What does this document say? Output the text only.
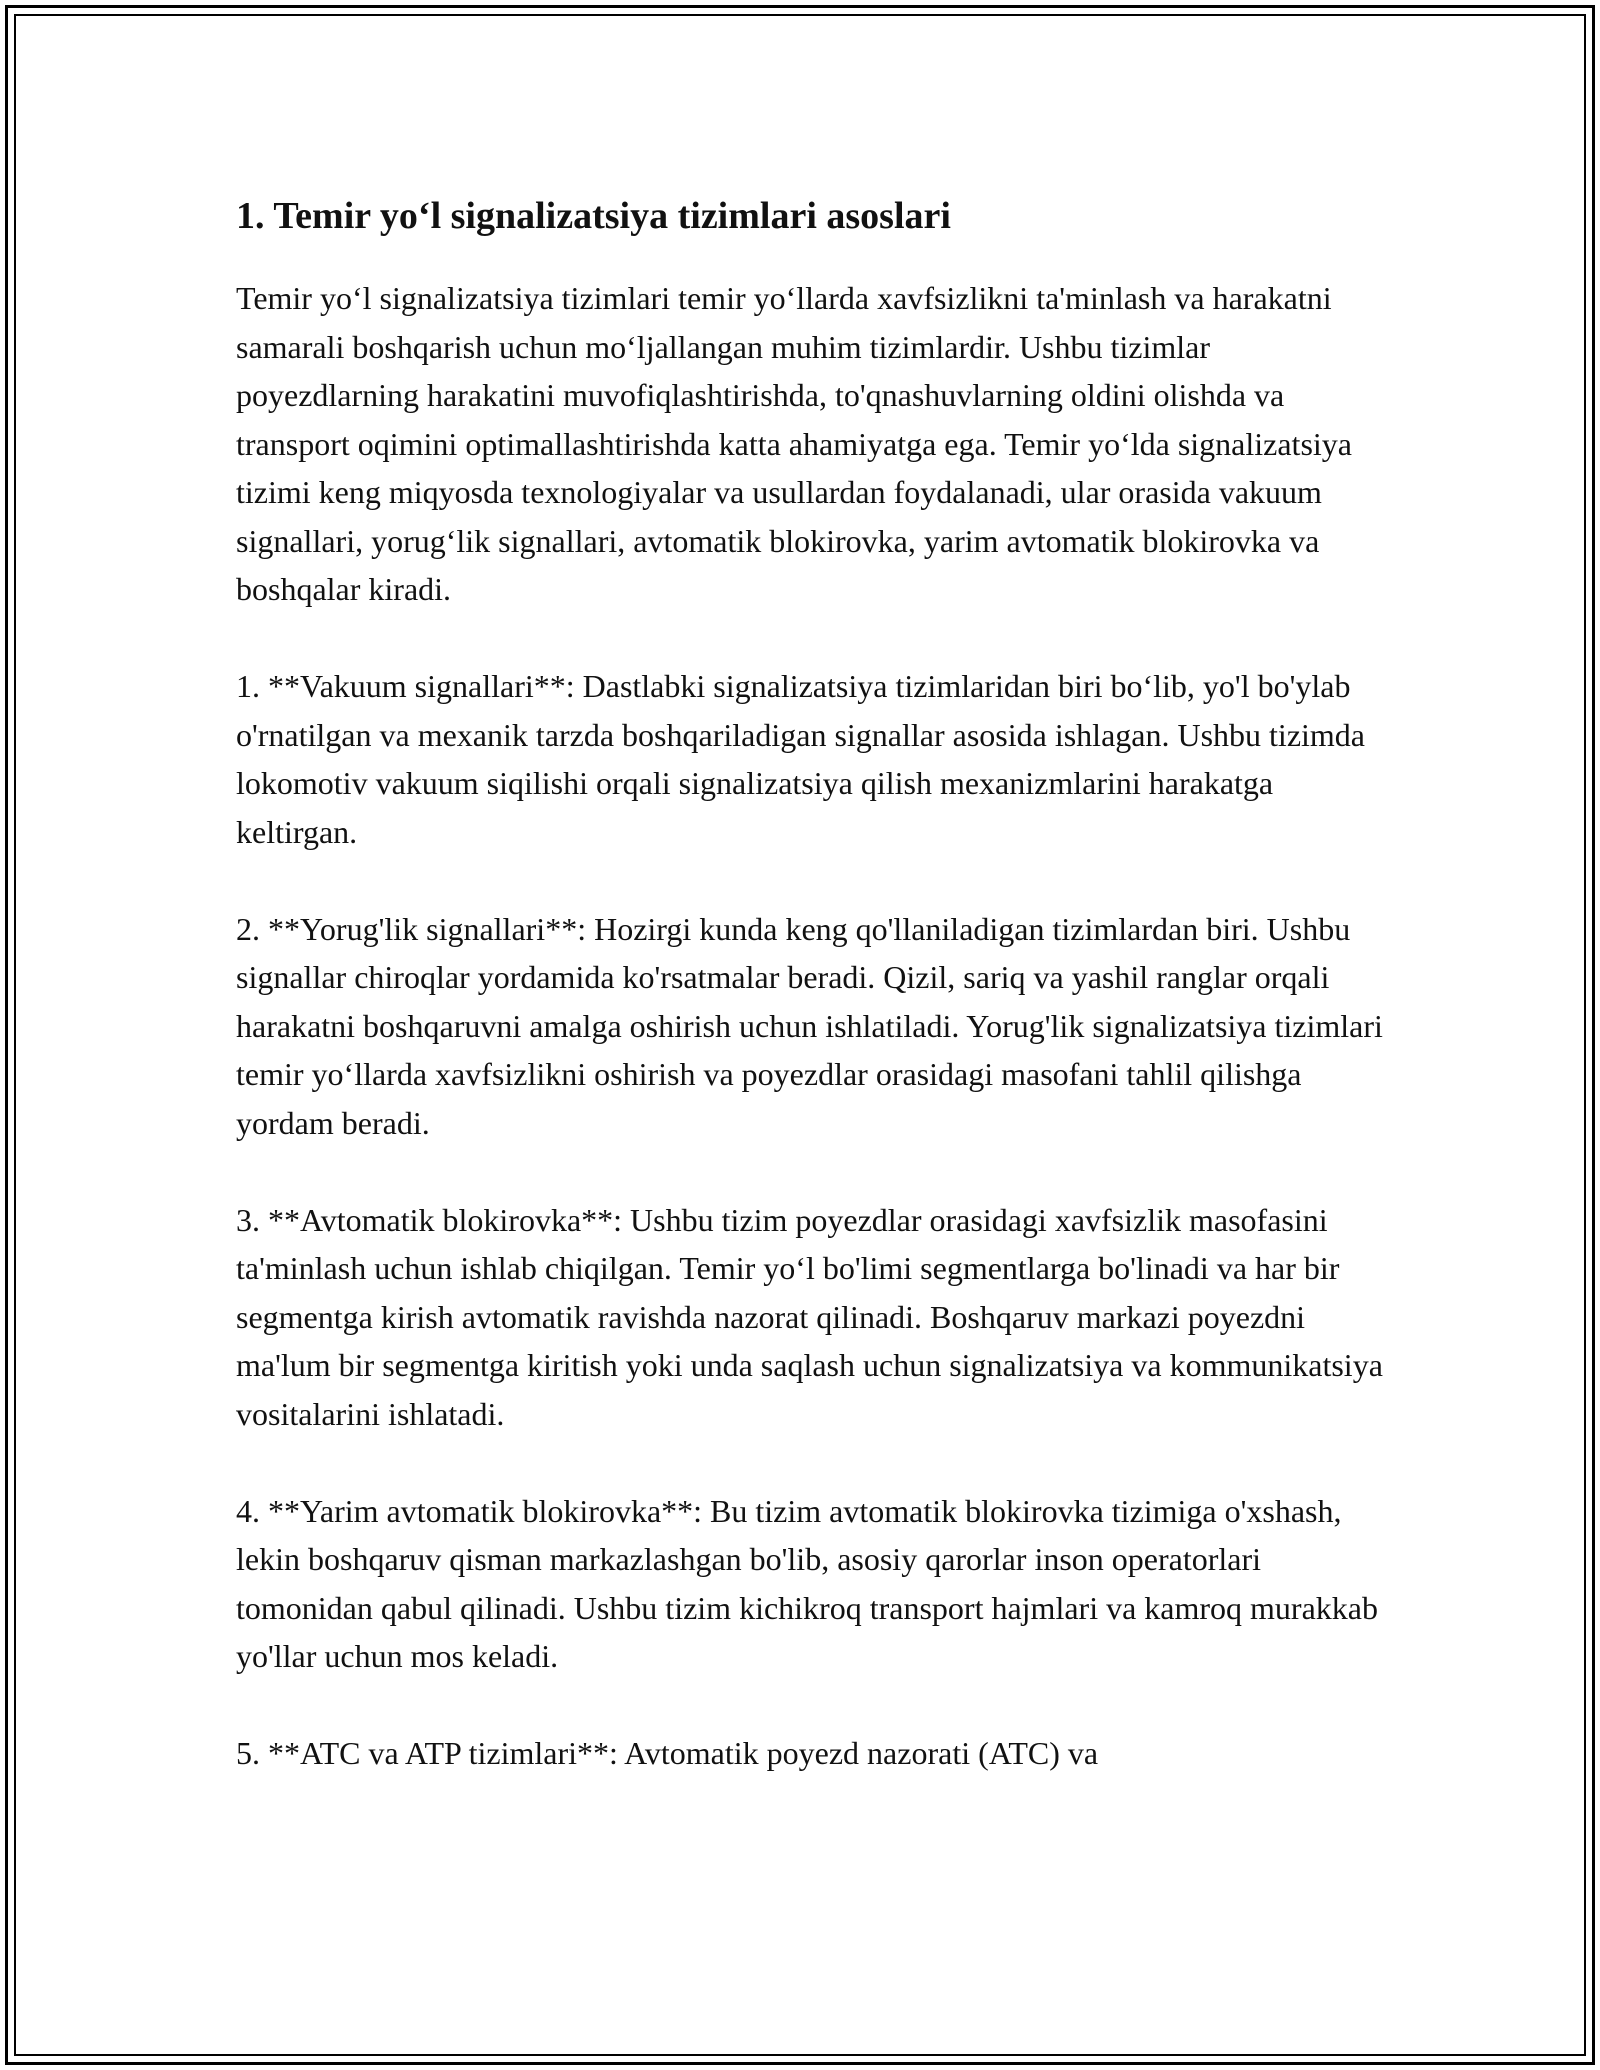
1. Temir yo‘l signalizatsiya tizimlari asoslari

Temir yo‘l signalizatsiya tizimlari temir yo‘llarda xavfsizlikni ta'minlash va harakatni samarali boshqarish uchun mo‘ljallangan muhim tizimlardir. Ushbu tizimlar poyezdlarning harakatini muvofiqlashtirishda, to'qnashuvlarning oldini olishda va transport oqimini optimallashtirishda katta ahamiyatga ega. Temir yo‘lda signalizatsiya tizimi keng miqyosda texnologiyalar va usullardan foydalanadi, ular orasida vakuum signallari, yorug‘lik signallari, avtomatik blokirovka, yarim avtomatik blokirovka va boshqalar kiradi.

1. **Vakuum signallari**: Dastlabki signalizatsiya tizimlaridan biri bo‘lib, yo'l bo'ylab o'rnatilgan va mexanik tarzda boshqariladigan signallar asosida ishlagan. Ushbu tizimda lokomotiv vakuum siqilishi orqali signalizatsiya qilish mexanizmlarini harakatga keltirgan.

2. **Yorug'lik signallari**: Hozirgi kunda keng qo'llaniladigan tizimlardan biri. Ushbu signallar chiroqlar yordamida ko'rsatmalar beradi. Qizil, sariq va yashil ranglar orqali harakatni boshqaruvni amalga oshirish uchun ishlatiladi. Yorug'lik signalizatsiya tizimlari temir yo‘llarda xavfsizlikni oshirish va poyezdlar orasidagi masofani tahlil qilishga yordam beradi.

3. **Avtomatik blokirovka**: Ushbu tizim poyezdlar orasidagi xavfsizlik masofasini ta'minlash uchun ishlab chiqilgan. Temir yo‘l bo'limi segmentlarga bo'linadi va har bir segmentga kirish avtomatik ravishda nazorat qilinadi. Boshqaruv markazi poyezdni ma'lum bir segmentga kiritish yoki unda saqlash uchun signalizatsiya va kommunikatsiya vositalarini ishlatadi.

4. **Yarim avtomatik blokirovka**: Bu tizim avtomatik blokirovka tizimiga o'xshash, lekin boshqaruv qisman markazlashgan bo'lib, asosiy qarorlar inson operatorlari tomonidan qabul qilinadi. Ushbu tizim kichikroq transport hajmlari va kamroq murakkab yo'llar uchun mos keladi.

5. **ATC va ATP tizimlari**: Avtomatik poyezd nazorati (ATC) va
